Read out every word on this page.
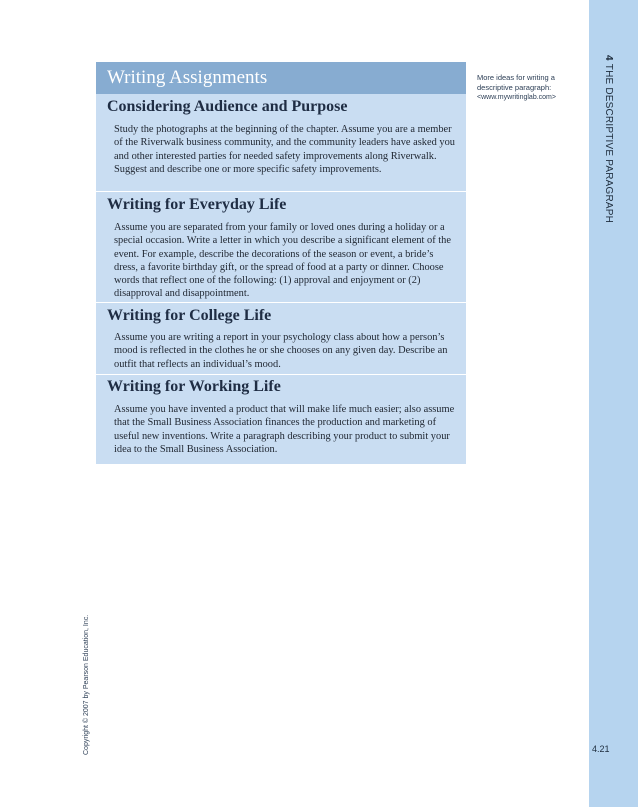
4THE DESCRIPTIVE PARAGRAPH
4.21
More ideas for writing a descriptive paragraph:
<www.mywritinglab.com>
Copyright © 2007 by Pearson Education, Inc.
Writing Assignments
Considering Audience and Purpose

Study the photographs at the beginning of the chapter. Assume you are a member of the Riverwalk business community, and the community leaders have asked you and other interested parties for needed safety improvements along Riverwalk. Suggest and describe one or more specific safety improvements.

Writing for Everyday Life

Assume you are separated from your family or loved ones during a holiday or a special occasion. Write a letter in which you describe a significant element of the event. For example, describe the decorations of the season or event, a bride’s dress, a favorite birthday gift, or the spread of food at a party or dinner. Choose words that reflect one of the following: (1) approval and enjoyment or (2) disapproval and disappointment.

Writing for College Life

Assume you are writing a report in your psychology class about how a person’s mood is reflected in the clothes he or she chooses on any given day. Describe an outfit that reflects an individual’s mood.

Writing for Working Life

Assume you have invented a product that will make life much easier; also assume that the Small Business Association finances the production and marketing of useful new inventions. Write a paragraph describing your product to submit your idea to the Small Business Association.
